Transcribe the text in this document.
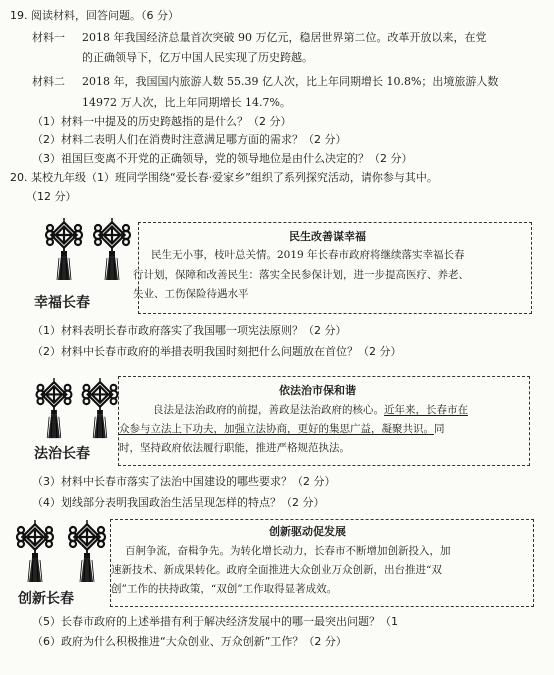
19. 阅读材料，回答问题。（6 分）
材料一 2018 年我国经济总量首次突破 90 万亿元，稳居世界第二位。改革开放以来，在党
的正确领导下，亿万中国人民实现了历史跨越。
材料二 2018 年，我国国内旅游人数 55.39 亿人次，比上年同期增长 10.8%；出境旅游人数
14972 万人次，比上年同期增长 14.7%。
（1）材料一中提及的历史跨越指的是什么？（2 分）
（2）材料二表明人们在消费时注意满足哪方面的需求？（2 分）
（3）祖国巨变离不开党的正确领导，党的领导地位是由什么决定的？（2 分）
20. 某校九年级（1）班同学围绕“爱长春·爱家乡”组织了系列探究活动，请你参与其中。
（12 分）
幸福长春
民生改善谋幸福
民生无小事，枝叶总关情。2019 年长春市政府将继续落实幸福长春
行计划，保障和改善民生：落实全民参保计划，进一步提高医疗、养老、
失业、工伤保险待遇水平
（1）材料表明长春市政府落实了我国哪一项宪法原则？（2 分）
（2）材料中长春市政府的举措表明我国时刻把什么问题放在首位？（2 分）
法治长春
依法治市保和谐
良法是法治政府的前提，善政是法治政府的核心。近年来，长春市在
众参与立法上下功夫，加强立法协商，更好的集思广益，凝聚共识。同
时，坚持政府依法履行职能，推进严格规范执法。
（3）材料中长春市落实了法治中国建设的哪些要求？（2 分）
（4）划线部分表明我国政治生活呈现怎样的特点？（2 分）
创新长春
创新驱动促发展
百舸争流，奋楫争先。为转化增长动力，长春市不断增加创新投入，加
速新技术、新成果转化。政府全面推进大众创业万众创新，出台推进“双
创”工作的扶持政策，“双创”工作取得显著成效。
（5）长春市政府的上述举措有利于解决经济发展中的哪一最突出问题？（1
（6）政府为什么积极推进“大众创业、万众创新”工作？（2 分）
